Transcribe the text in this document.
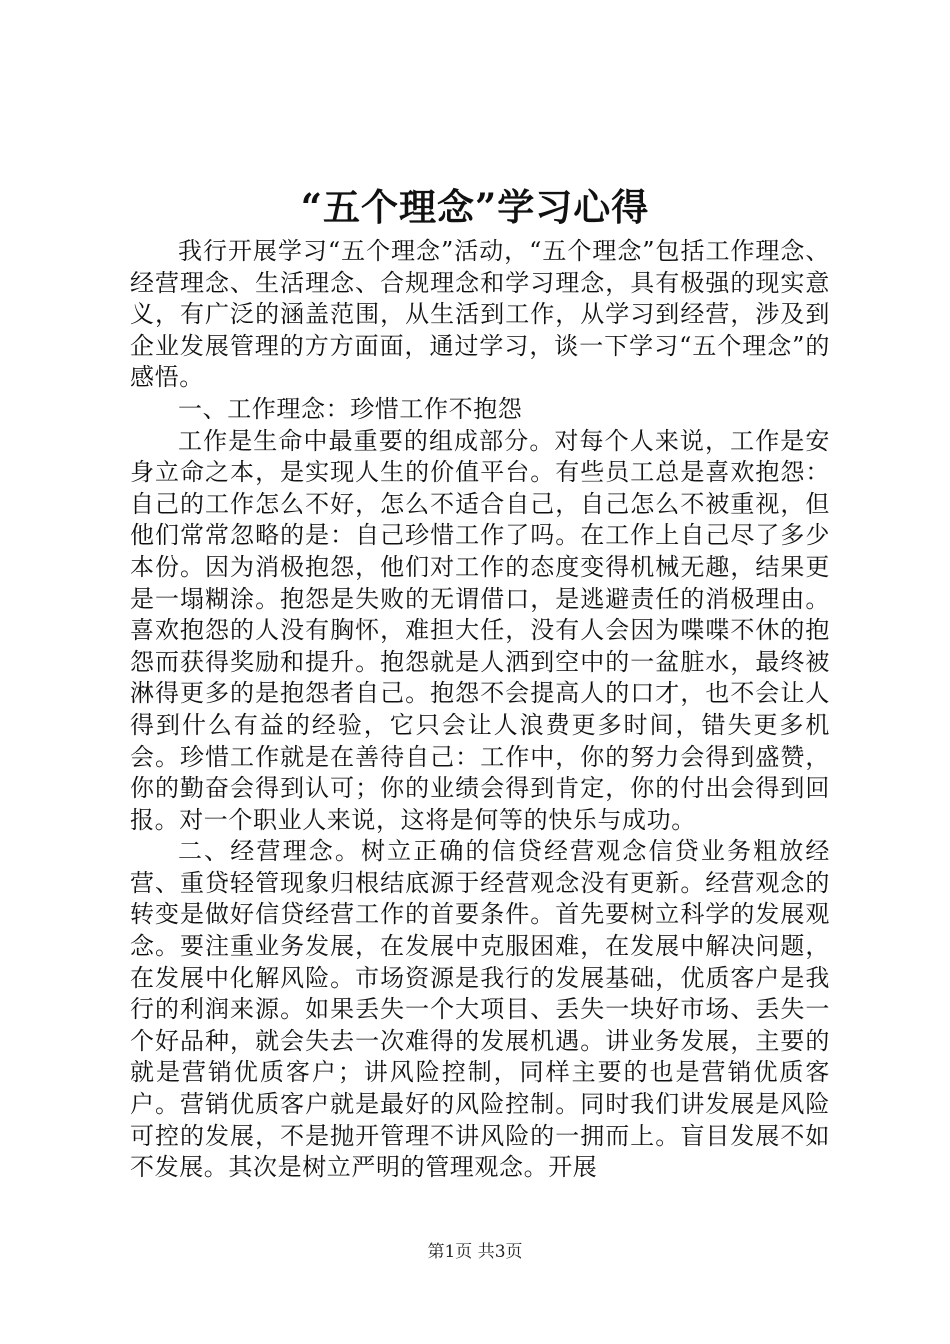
“五个理念”学习心得

我行开展学习“五个理念”活动，“五个理念”包括工作理念、经营理念、生活理念、合规理念和学习理念，具有极强的现实意义，有广泛的涵盖范围，从生活到工作，从学习到经营，涉及到企业发展管理的方方面面，通过学习，谈一下学习“五个理念”的感悟。

一、工作理念：珍惜工作不抱怨

工作是生命中最重要的组成部分。对每个人来说，工作是安身立命之本，是实现人生的价值平台。有些员工总是喜欢抱怨：自己的工作怎么不好，怎么不适合自己，自己怎么不被重视，但他们常常忽略的是：自己珍惜工作了吗。在工作上自己尽了多少本份。因为消极抱怨，他们对工作的态度变得机械无趣，结果更是一塌糊涂。抱怨是失败的无谓借口，是逃避责任的消极理由。喜欢抱怨的人没有胸怀，难担大任，没有人会因为喋喋不休的抱怨而获得奖励和提升。抱怨就是人洒到空中的一盆脏水，最终被淋得更多的是抱怨者自己。抱怨不会提高人的口才，也不会让人得到什么有益的经验，它只会让人浪费更多时间，错失更多机会。珍惜工作就是在善待自己：工作中，你的努力会得到盛赞，你的勤奋会得到认可；你的业绩会得到肯定，你的付出会得到回报。对一个职业人来说，这将是何等的快乐与成功。

二、经营理念。树立正确的信贷经营观念信贷业务粗放经营、重贷轻管现象归根结底源于经营观念没有更新。经营观念的转变是做好信贷经营工作的首要条件。首先要树立科学的发展观念。要注重业务发展，在发展中克服困难，在发展中解决问题，在发展中化解风险。市场资源是我行的发展基础，优质客户是我行的利润来源。如果丢失一个大项目、丢失一块好市场、丢失一个好品种，就会失去一次难得的发展机遇。讲业务发展，主要的就是营销优质客户；讲风险控制，同样主要的也是营销优质客户。营销优质客户就是最好的风险控制。同时我们讲发展是风险可控的发展，不是抛开管理不讲风险的一拥而上。盲目发展不如不发展。其次是树立严明的管理观念。开展

第1页 共3页
